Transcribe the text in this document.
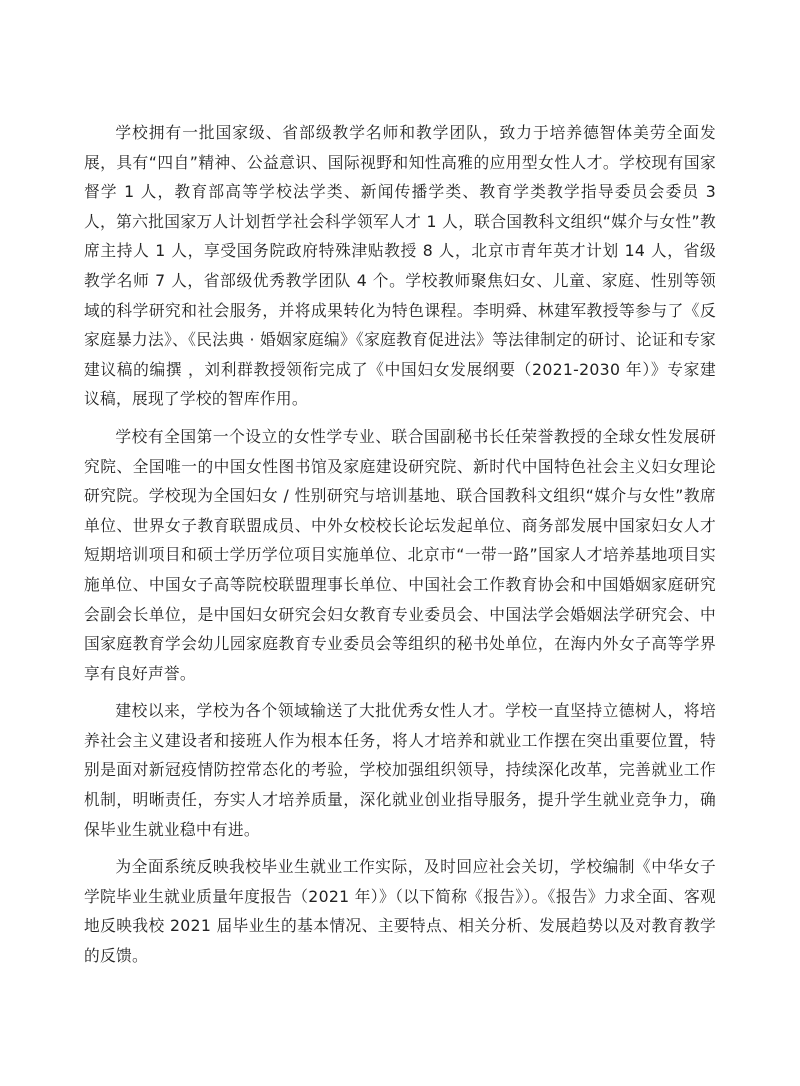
学校拥有一批国家级、省部级教学名师和教学团队，致力于培养德智体美劳全面发展，具有“四自”精神、公益意识、国际视野和知性高雅的应用型女性人才。学校现有国家督学 1 人，教育部高等学校法学类、新闻传播学类、教育学类教学指导委员会委员 3 人，第六批国家万人计划哲学社会科学领军人才 1 人，联合国教科文组织“媒介与女性”教席主持人 1 人，享受国务院政府特殊津贴教授 8 人，北京市青年英才计划 14 人，省级教学名师 7 人，省部级优秀教学团队 4 个。学校教师聚焦妇女、儿童、家庭、性别等领域的科学研究和社会服务，并将成果转化为特色课程。李明舜、林建军教授等参与了《反家庭暴力法》、《民法典 · 婚姻家庭编》《家庭教育促进法》等法律制定的研讨、论证和专家建议稿的编撰 ，刘利群教授领衔完成了《中国妇女发展纲要（2021-2030 年）》专家建议稿，展现了学校的智库作用。

学校有全国第一个设立的女性学专业、联合国副秘书长任荣誉教授的全球女性发展研究院、全国唯一的中国女性图书馆及家庭建设研究院、新时代中国特色社会主义妇女理论研究院。学校现为全国妇女 / 性别研究与培训基地、联合国教科文组织“媒介与女性”教席单位、世界女子教育联盟成员、中外女校校长论坛发起单位、商务部发展中国家妇女人才短期培训项目和硕士学历学位项目实施单位、北京市“一带一路”国家人才培养基地项目实施单位、中国女子高等院校联盟理事长单位、中国社会工作教育协会和中国婚姻家庭研究会副会长单位，是中国妇女研究会妇女教育专业委员会、中国法学会婚姻法学研究会、中国家庭教育学会幼儿园家庭教育专业委员会等组织的秘书处单位，在海内外女子高等学界享有良好声誉。

建校以来，学校为各个领域输送了大批优秀女性人才。学校一直坚持立德树人，将培养社会主义建设者和接班人作为根本任务，将人才培养和就业工作摆在突出重要位置，特别是面对新冠疫情防控常态化的考验，学校加强组织领导，持续深化改革，完善就业工作机制，明晰责任，夯实人才培养质量，深化就业创业指导服务，提升学生就业竞争力，确保毕业生就业稳中有进。

为全面系统反映我校毕业生就业工作实际，及时回应社会关切，学校编制《中华女子学院毕业生就业质量年度报告（2021 年）》（以下简称《报告》）。《报告》力求全面、客观地反映我校 2021 届毕业生的基本情况、主要特点、相关分析、发展趋势以及对教育教学的反馈。
